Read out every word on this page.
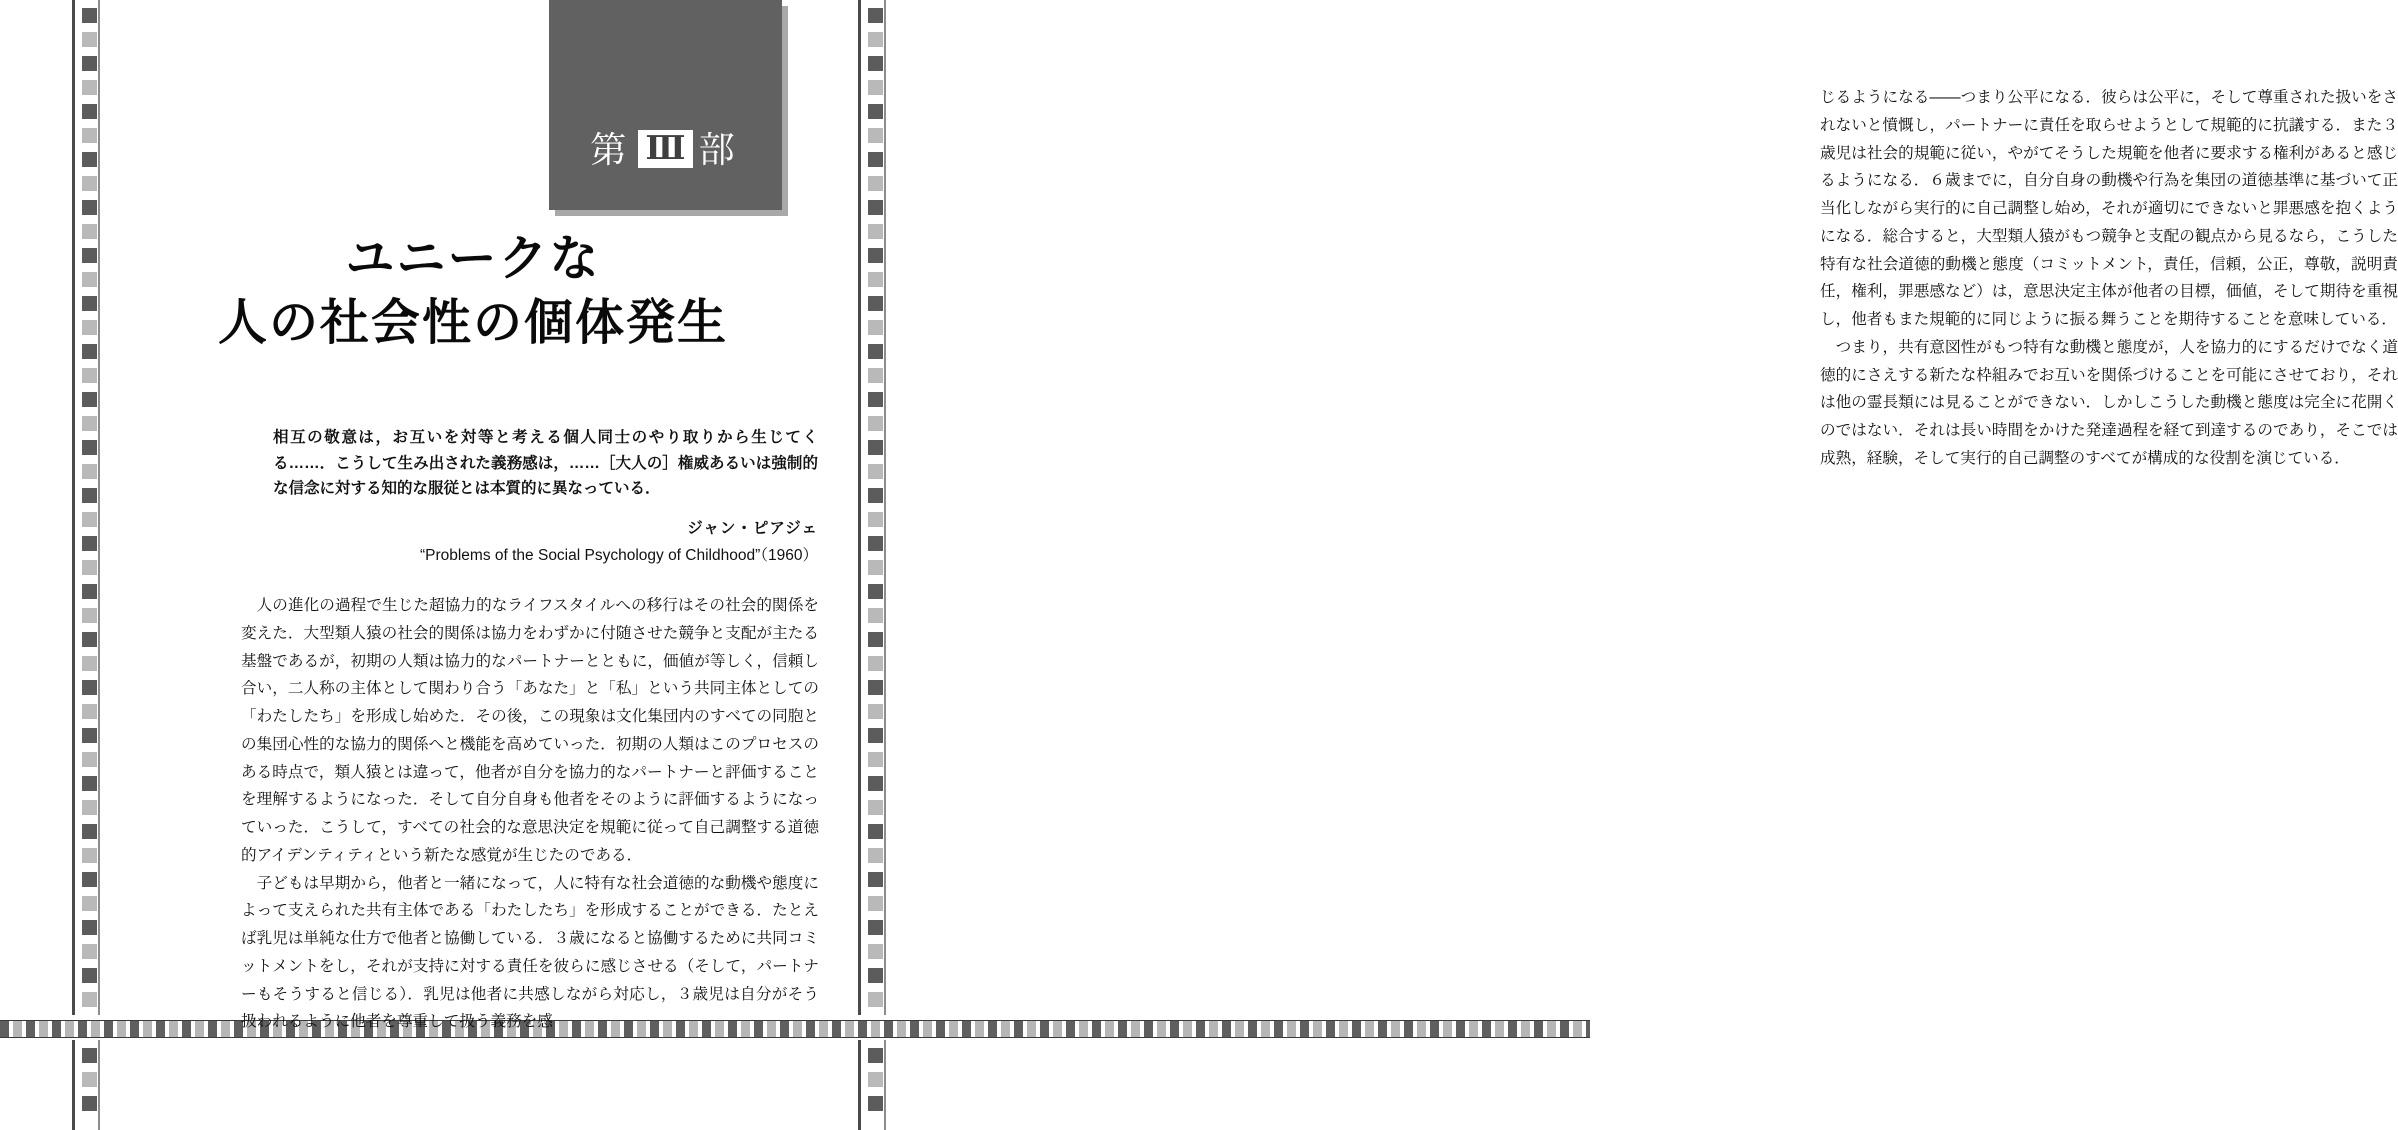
第 Ⅲ 部
ユニークな
人の社会性の個体発生
相互の敬意は，お互いを対等と考える個人同士のやり取りから生じてくる……．こうして生み出された義務感は，……［大人の］権威あるいは強制的な信念に対する知的な服従とは本質的に異なっている．
ジャン・ピアジェ
“Problems of the Social Psychology of Childhood”（1960）

人の進化の過程で生じた超協力的なライフスタイルへの移行はその社会的関係を変えた．大型類人猿の社会的関係は協力をわずかに付随させた競争と支配が主たる基盤であるが，初期の人類は協力的なパートナーとともに，価値が等しく，信頼し合い，二人称の主体として関わり合う「あなた」と「私」という共同主体としての「わたしたち」を形成し始めた．その後，この現象は文化集団内のすべての同胞との集団心性的な協力的関係へと機能を高めていった．初期の人類はこのプロセスのある時点で，類人猿とは違って，他者が自分を協力的なパートナーと評価することを理解するようになった．そして自分自身も他者をそのように評価するようになっていった．こうして，すべての社会的な意思決定を規範に従って自己調整する道徳的アイデンティティという新たな感覚が生じたのである．

子どもは早期から，他者と一緒になって，人に特有な社会道徳的な動機や態度によって支えられた共有主体である「わたしたち」を形成することができる．たとえば乳児は単純な仕方で他者と協働している．３歳になると協働するために共同コミットメントをし，それが支持に対する責任を彼らに感じさせる（そして，パートナーもそうすると信じる）．乳児は他者に共感しながら対応し，３歳児は自分がそう扱われるように他者を尊重して扱う義務を感

じるようになる——つまり公平になる．彼らは公平に，そして尊重された扱いをされないと憤慨し，パートナーに責任を取らせようとして規範的に抗議する．また３歳児は社会的規範に従い，やがてそうした規範を他者に要求する権利があると感じるようになる．６歳までに，自分自身の動機や行為を集団の道徳基準に基づいて正当化しながら実行的に自己調整し始め，それが適切にできないと罪悪感を抱くようになる．総合すると，大型類人猿がもつ競争と支配の観点から見るなら，こうした特有な社会道徳的動機と態度（コミットメント，責任，信頼，公正，尊敬，説明責任，権利，罪悪感など）は，意思決定主体が他者の目標，価値，そして期待を重視し，他者もまた規範的に同じように振る舞うことを期待することを意味している．

つまり，共有意図性がもつ特有な動機と態度が，人を協力的にするだけでなく道徳的にさえする新たな枠組みでお互いを関係づけることを可能にさせており，それは他の霊長類には見ることができない．しかしこうした動機と態度は完全に花開くのではない．それは長い時間をかけた発達過程を経て到達するのであり，そこでは成熟，経験，そして実行的自己調整のすべてが構成的な役割を演じている．
